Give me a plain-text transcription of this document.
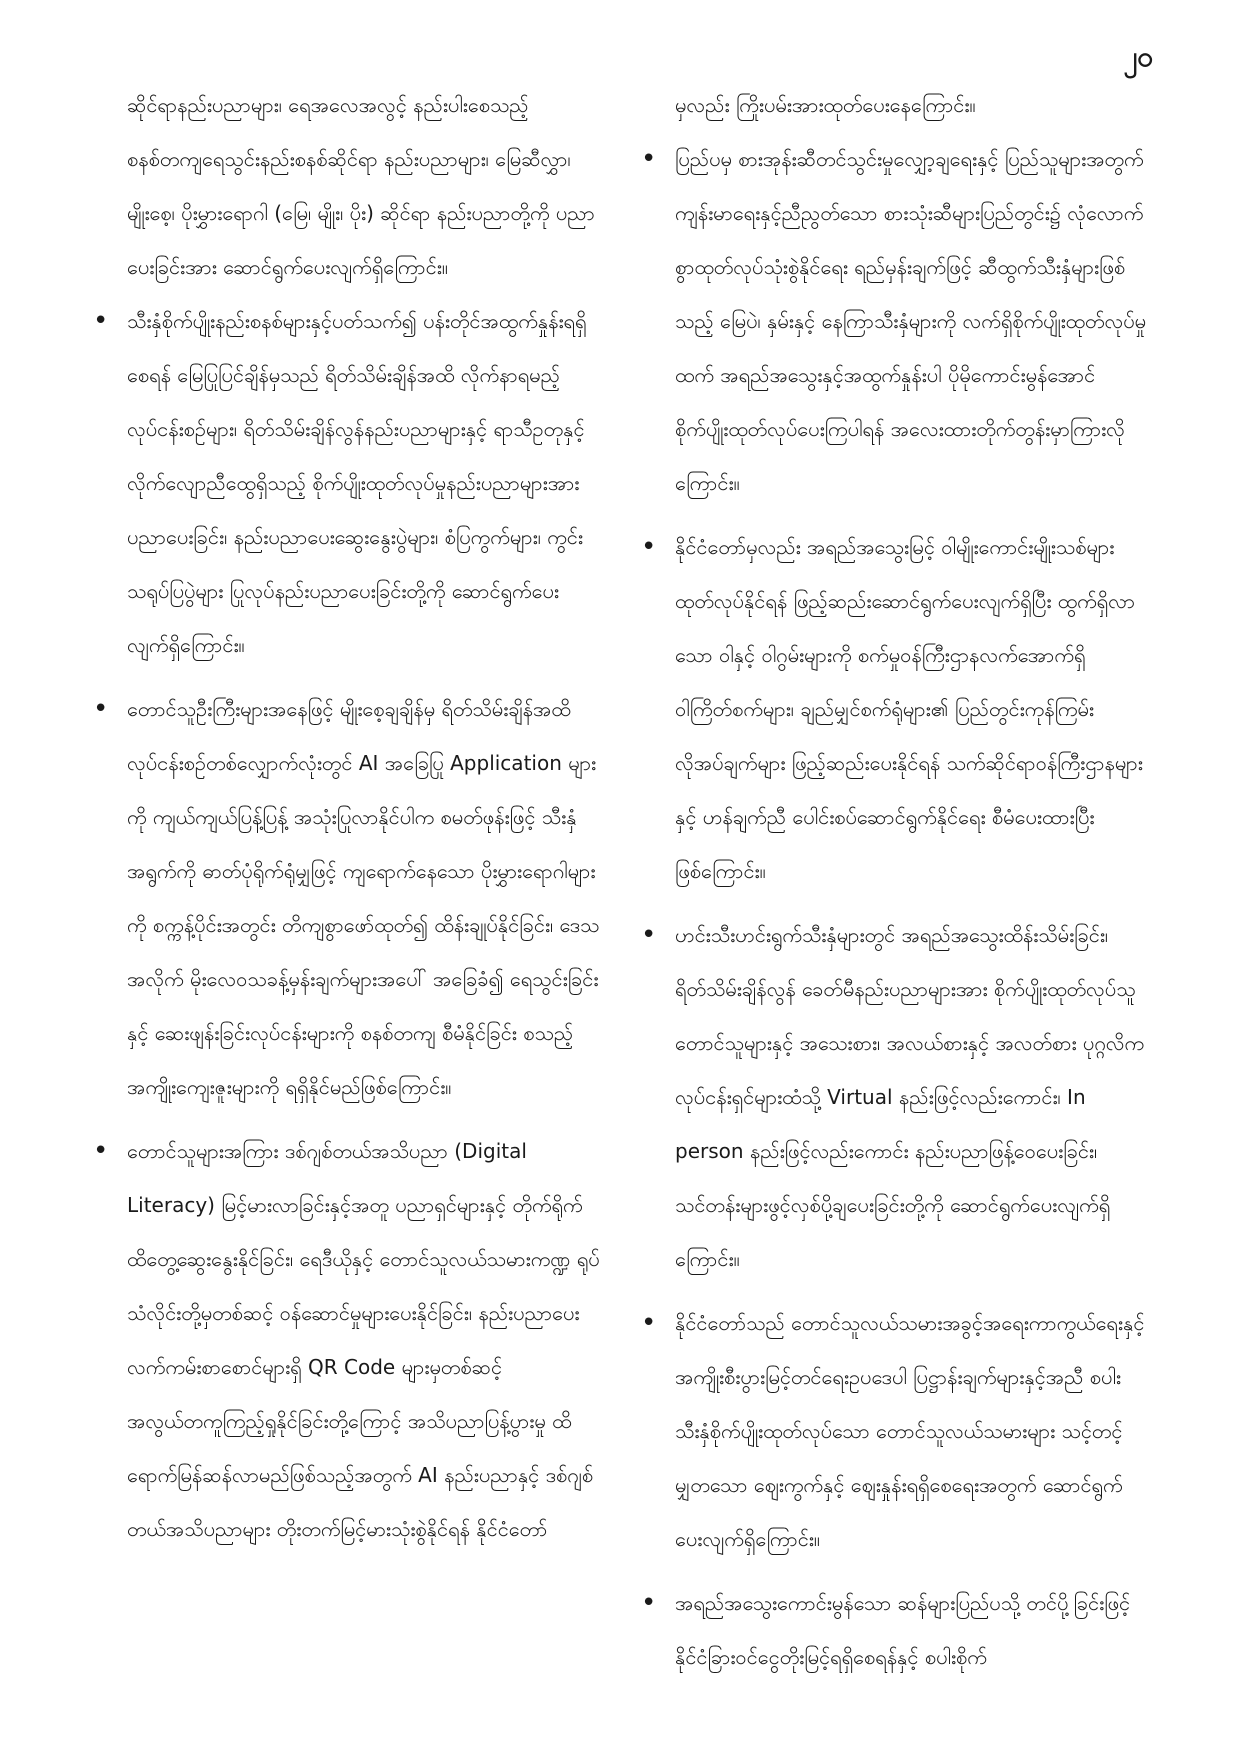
၂၀

ဆိုင်ရာနည်းပညာများ၊ ရေအလေအလွင့် နည်းပါးစေသည့် စနစ်တကျရေသွင်းနည်းစနစ်ဆိုင်ရာ နည်းပညာများ၊ မြေဆီလွှာ၊ မျိုးစေ့၊ ပိုးမွှားရောဂါ (မြေ၊ မျိုး၊ ပိုး) ဆိုင်ရာ နည်းပညာတို့ကို ပညာပေးခြင်းအား ဆောင်ရွက်ပေးလျက်ရှိကြောင်း။

• သီးနှံစိုက်ပျိုးနည်းစနစ်များနှင့်ပတ်သက်၍ ပန်းတိုင်အထွက်နှုန်းရရှိစေရန် မြေပြုပြင်ချိန်မှသည် ရိတ်သိမ်းချိန်အထိ လိုက်နာရမည့်လုပ်ငန်းစဉ်များ၊ ရိတ်သိမ်းချိန်လွန်နည်းပညာများနှင့် ရာသီဥတုနှင့် လိုက်လျောညီထွေရှိသည့် စိုက်ပျိုးထုတ်လုပ်မှုနည်းပညာများအား ပညာပေးခြင်း၊ နည်းပညာပေးဆွေးနွေးပွဲများ၊ စံပြကွက်များ၊ ကွင်းသရုပ်ပြပွဲများ ပြုလုပ်နည်းပညာပေးခြင်းတို့ကို ဆောင်ရွက်ပေးလျက်ရှိကြောင်း။
• တောင်သူဦးကြီးများအနေဖြင့် မျိုးစေ့ချချိန်မှ ရိတ်သိမ်းချိန်အထိ လုပ်ငန်းစဉ်တစ်လျှောက်လုံးတွင် AI အခြေပြု Application များကို ကျယ်ကျယ်ပြန့်ပြန့် အသုံးပြုလာနိုင်ပါက စမတ်ဖုန်းဖြင့် သီးနှံအရွက်ကို ဓာတ်ပုံရိုက်ရုံမျှဖြင့် ကျရောက်နေသော ပိုးမွှားရောဂါများကို စက္ကန့်ပိုင်းအတွင်း တိကျစွာဖော်ထုတ်၍ ထိန်းချုပ်နိုင်ခြင်း၊ ဒေသအလိုက် မိုးလေဝသခန့်မှန်းချက်များအပေါ် အခြေခံ၍ ရေသွင်းခြင်းနှင့် ဆေးဖျန်းခြင်းလုပ်ငန်းများကို စနစ်တကျ စီမံနိုင်ခြင်း စသည့်အကျိုးကျေးဇူးများကို ရရှိနိုင်မည်ဖြစ်ကြောင်း။
• တောင်သူများအကြား ဒစ်ဂျစ်တယ်အသိပညာ (Digital Literacy) မြင့်မားလာခြင်းနှင့်အတူ ပညာရှင်များနှင့် တိုက်ရိုက်ထိတွေ့ဆွေးနွေးနိုင်ခြင်း၊ ရေဒီယိုနှင့် တောင်သူလယ်သမားကဏ္ဍ ရုပ်သံလိုင်းတို့မှတစ်ဆင့် ဝန်ဆောင်မှုများပေးနိုင်ခြင်း၊ နည်းပညာပေး လက်ကမ်းစာစောင်များရှိ QR Code များမှတစ်ဆင့် အလွယ်တကူကြည့်ရှုနိုင်ခြင်းတို့ကြောင့် အသိပညာပြန့်ပွားမှု ထိရောက်မြန်ဆန်လာမည်ဖြစ်သည့်အတွက် AI နည်းပညာနှင့် ဒစ်ဂျစ်တယ်အသိပညာများ တိုးတက်မြင့်မားသုံးစွဲနိုင်ရန် နိုင်ငံတော်

မှလည်း ကြိုးပမ်းအားထုတ်ပေးနေကြောင်း။

• ပြည်ပမှ စားအုန်းဆီတင်သွင်းမှုလျှော့ချရေးနှင့် ပြည်သူများအတွက် ကျန်းမာရေးနှင့်ညီညွတ်သော စားသုံးဆီများပြည်တွင်း၌ လုံလောက်စွာထုတ်လုပ်သုံးစွဲနိုင်ရေး ရည်မှန်းချက်ဖြင့် ဆီထွက်သီးနှံများဖြစ်သည့် မြေပဲ၊ နှမ်းနှင့် နေကြာသီးနှံများကို လက်ရှိစိုက်ပျိုးထုတ်လုပ်မှုထက် အရည်အသွေးနှင့်အထွက်နှုန်းပါ ပိုမိုကောင်းမွန်အောင် စိုက်ပျိုးထုတ်လုပ်ပေးကြပါရန် အလေးထားတိုက်တွန်းမှာကြားလိုကြောင်း။
• နိုင်ငံတော်မှလည်း အရည်အသွေးမြင့် ဝါမျိုးကောင်းမျိုးသစ်များထုတ်လုပ်နိုင်ရန် ဖြည့်ဆည်းဆောင်ရွက်ပေးလျက်ရှိပြီး ထွက်ရှိလာသော ဝါနှင့် ဝါဂွမ်းများကို စက်မှုဝန်ကြီးဌာနလက်အောက်ရှိ ဝါကြိတ်စက်များ၊ ချည်မျှင်စက်ရုံများ၏ ပြည်တွင်းကုန်ကြမ်းလိုအပ်ချက်များ ဖြည့်ဆည်းပေးနိုင်ရန် သက်ဆိုင်ရာဝန်ကြီးဌာနများနှင့် ဟန်ချက်ညီ ပေါင်းစပ်ဆောင်ရွက်နိုင်ရေး စီမံပေးထားပြီးဖြစ်ကြောင်း။
• ဟင်းသီးဟင်းရွက်သီးနှံများတွင် အရည်အသွေးထိန်းသိမ်းခြင်း၊ ရိတ်သိမ်းချိန်လွန် ခေတ်မီနည်းပညာများအား စိုက်ပျိုးထုတ်လုပ်သူတောင်သူများနှင့် အသေးစား၊ အလယ်စားနှင့် အလတ်စား ပုဂ္ဂလိကလုပ်ငန်းရှင်များထံသို့ Virtual နည်းဖြင့်လည်းကောင်း၊ In person နည်းဖြင့်လည်းကောင်း နည်းပညာဖြန့်ဝေပေးခြင်း၊ သင်တန်းများဖွင့်လှစ်ပို့ချပေးခြင်းတို့ကို ဆောင်ရွက်ပေးလျက်ရှိကြောင်း။
• နိုင်ငံတော်သည် တောင်သူလယ်သမားအခွင့်အရေးကာကွယ်ရေးနှင့် အကျိုးစီးပွားမြင့်တင်ရေးဥပဒေပါ ပြဋ္ဌာန်းချက်များနှင့်အညီ စပါးသီးနှံစိုက်ပျိုးထုတ်လုပ်သော တောင်သူလယ်သမားများ သင့်တင့်မျှတသော ဈေးကွက်နှင့် ဈေးနှုန်းရရှိစေရေးအတွက် ဆောင်ရွက်ပေးလျက်ရှိကြောင်း။
• အရည်အသွေးကောင်းမွန်သော ဆန်များပြည်ပသို့ တင်ပို့ခြင်းဖြင့် နိုင်ငံခြားဝင်ငွေတိုးမြင့်ရရှိစေရန်နှင့် စပါးစိုက်
